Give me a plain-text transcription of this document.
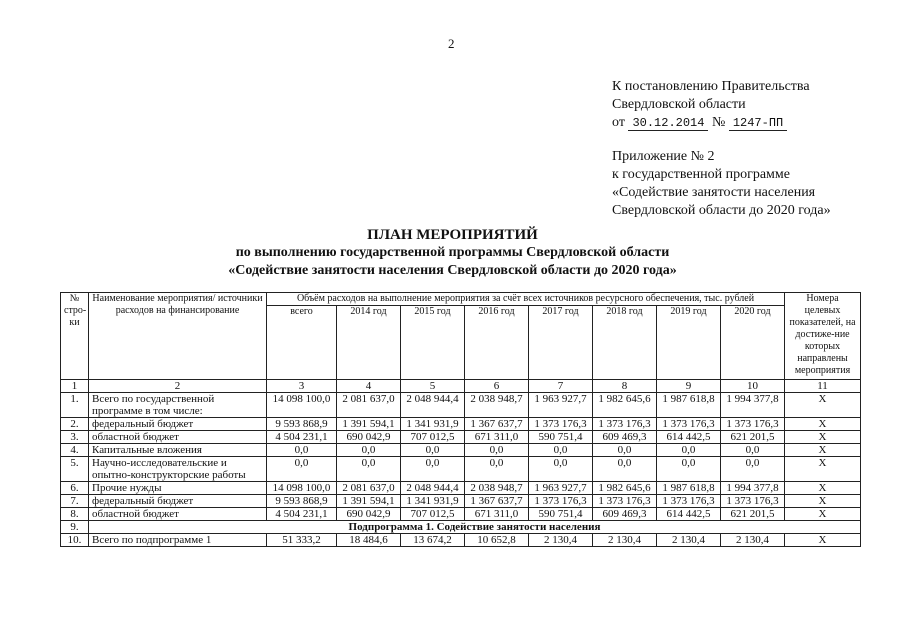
2
К постановлению Правительства
Свердловской области
от 30.12.2014 № 1247-ПП
Приложение № 2
к государственной программе
«Содействие занятости населения
Свердловской области до 2020 года»
ПЛАН МЕРОПРИЯТИЙ
по выполнению государственной программы Свердловской области
«Содействие занятости населения Свердловской области до 2020 года»
№ стро-ки	Наименование мероприятия/ источники расходов на финансирование	Объём расходов на выполнение мероприятия за счёт всех источников ресурсного обеспечения, тыс. рублей								Номера целевых показателей, на достиже-ние которых направлены мероприятия
		всего	2014 год	2015 год	2016 год	2017 год	2018 год	2019 год	2020 год	
1	2	3	4	5	6	7	8	9	10	11
1.	Всего по государственной программе в том числе:	14 098 100,0	2 081 637,0	2 048 944,4	2 038 948,7	1 963 927,7	1 982 645,6	1 987 618,8	1 994 377,8	Х
2.	федеральный бюджет	9 593 868,9	1 391 594,1	1 341 931,9	1 367 637,7	1 373 176,3	1 373 176,3	1 373 176,3	1 373 176,3	Х
3.	областной бюджет	4 504 231,1	690 042,9	707 012,5	671 311,0	590 751,4	609 469,3	614 442,5	621 201,5	Х
4.	Капитальные вложения	0,0	0,0	0,0	0,0	0,0	0,0	0,0	0,0	Х
5.	Научно-исследовательские и опытно-конструкторские работы	0,0	0,0	0,0	0,0	0,0	0,0	0,0	0,0	Х
6.	Прочие нужды	14 098 100,0	2 081 637,0	2 048 944,4	2 038 948,7	1 963 927,7	1 982 645,6	1 987 618,8	1 994 377,8	Х
7.	федеральный бюджет	9 593 868,9	1 391 594,1	1 341 931,9	1 367 637,7	1 373 176,3	1 373 176,3	1 373 176,3	1 373 176,3	Х
8.	областной бюджет	4 504 231,1	690 042,9	707 012,5	671 311,0	590 751,4	609 469,3	614 442,5	621 201,5	Х
9.	Подпрограмма 1. Содействие занятости населения									
10.	Всего по подпрограмме 1	51 333,2	18 484,6	13 674,2	10 652,8	2 130,4	2 130,4	2 130,4	2 130,4	Х
